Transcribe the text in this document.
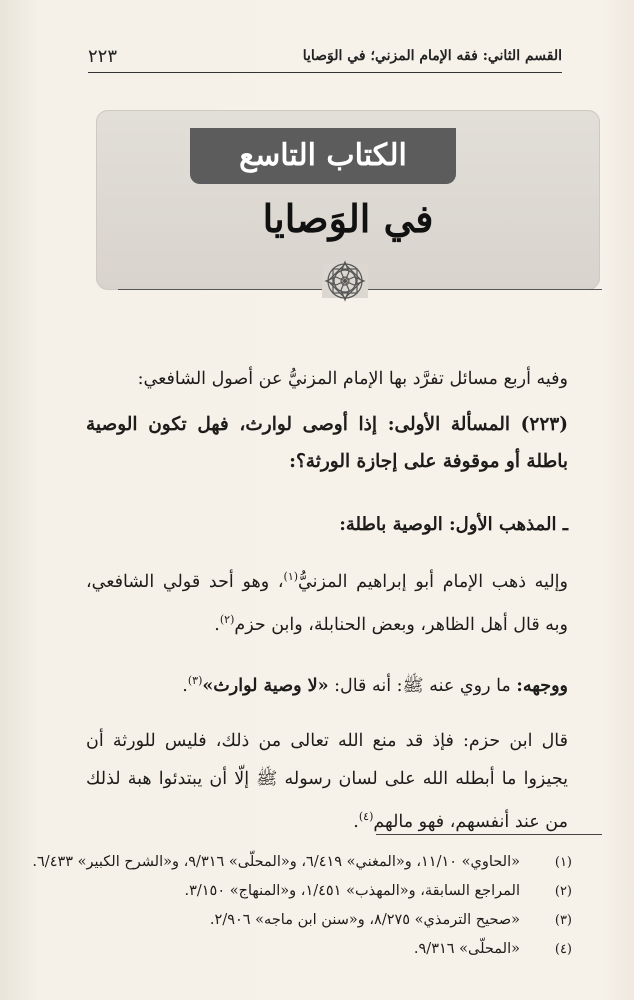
القسم الثاني: فقه الإمام المزني؛ في الوَصايا
٢٢٣
الكتاب التاسع
في الوَصايا

وفيه أربع مسائل تفرَّد بها الإمام المزنيُّ عن أصول الشافعي:

(٢٢٣) المسألة الأولى: إذا أوصى لوارث، فهل تكون الوصية باطلة أو موقوفة على إجازة الورثة؟:

ـ المذهب الأول: الوصية باطلة:

وإليه ذهب الإمام أبو إبراهيم المزنيُّ$^{(١)}$، وهو أحد قولي الشافعي، وبه قال أهل الظاهر، وبعض الحنابلة، وابن حزم$^{(٢)}$.

ووجهه: ما روي عنه ﷺ: أنه قال: «لا وصية لوارث»$^{(٣)}$.

قال ابن حزم: فإذ قد منع الله تعالى من ذلك، فليس للورثة أن يجيزوا ما أبطله الله على لسان رسوله ﷺ إلّا أن يبتدئوا هبة لذلك من عند أنفسهم، فهو مالهم$^{(٤)}$.

(١)
«الحاوي» ١١/١٠، و«المغني» ٦/٤١٩، و«المحلّى» ٩/٣١٦، و«الشرح الكبير» ٦/٤٣٣.
(٢)
المراجع السابقة، و«المهذب» ١/٤٥١، و«المنهاج» ٣/١٥٠.
(٣)
«صحيح الترمذي» ٨/٢٧٥، و«سنن ابن ماجه» ٢/٩٠٦.
(٤)
«المحلّى» ٩/٣١٦.
